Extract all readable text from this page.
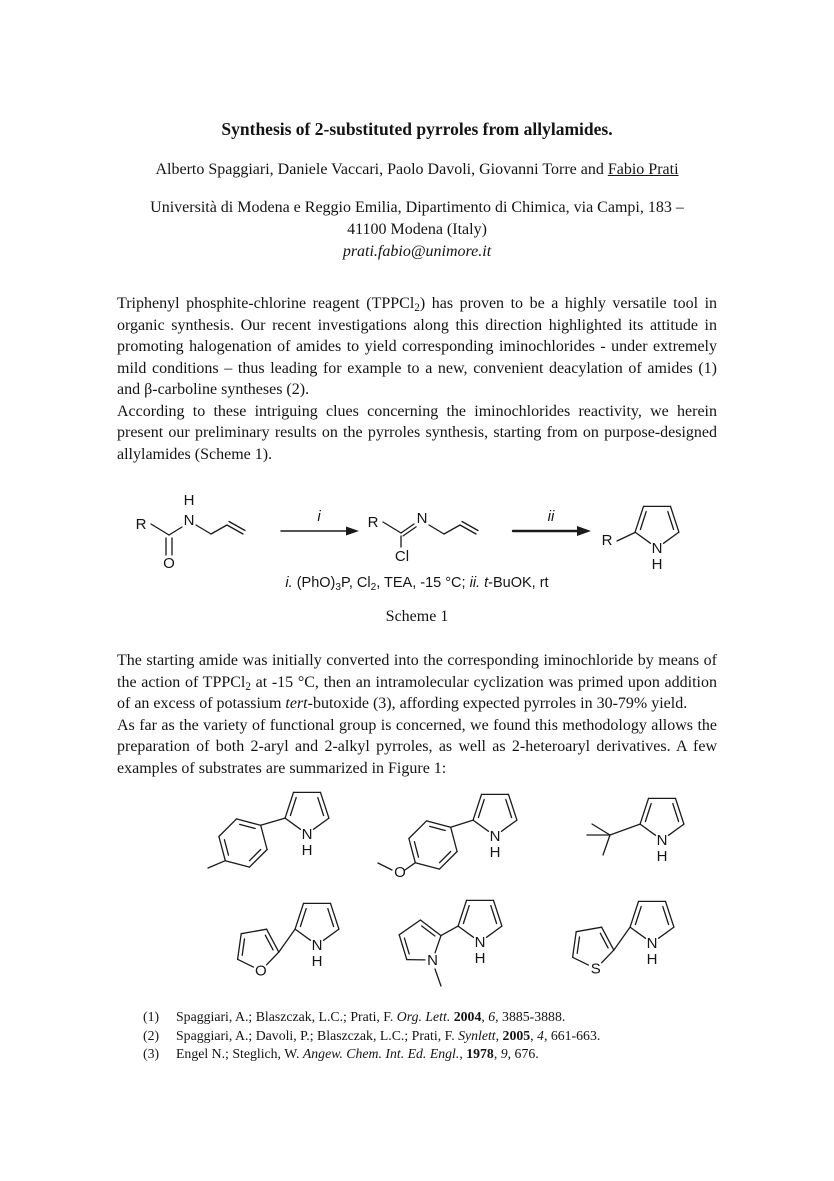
Synthesis of 2-substituted pyrroles from allylamides.
Alberto Spaggiari, Daniele Vaccari, Paolo Davoli, Giovanni Torre and Fabio Prati
Università di Modena e Reggio Emilia, Dipartimento di Chimica, via Campi, 183 –
41100 Modena (Italy)
prati.fabio@unimore.it

Triphenyl phosphite-chlorine reagent (TPPCl$_2$) has proven to be a highly versatile tool in organic synthesis. Our recent investigations along this direction highlighted its attitude in promoting halogenation of amides to yield corresponding iminochlorides - under extremely mild conditions – thus leading for example to a new, convenient deacylation of amides (1) and β-carboline syntheses (2).

According to these intriguing clues concerning the iminochlorides reactivity, we herein present our preliminary results on the pyrroles synthesis, starting from on purpose-designed allylamides (Scheme 1).

R
O
N
H
i	R	N
Cl
ii
N
H
R
i. $(PhO)_3P$, $Cl_2$, TEA, -15 °C; ii. t-BuOK, rt
Scheme 1

The starting amide was initially converted into the corresponding iminochloride by means of the action of TPPCl$_2$ at -15 °C, then an intramolecular cyclization was primed upon addition of an excess of potassium tert-butoxide (3), affording expected pyrroles in 30-79% yield.

As far as the variety of functional group is concerned, we found this methodology allows the preparation of both 2-aryl and 2-alkyl pyrroles, as well as 2-heteroaryl derivatives. A few examples of substrates are summarized in Figure 1:

N
H
O
N
H
N
H
O
N
H	N
N
H
S
N
H
(1)	Spaggiari, A.; Blaszczak, L.C.; Prati, F. Org. Lett. 2004, 6, 3885-3888.
(2)	Spaggiari, A.; Davoli, P.; Blaszczak, L.C.; Prati, F. Synlett, 2005, 4, 661-663.
(3)	Engel N.; Steglich, W. Angew. Chem. Int. Ed. Engl., 1978, 9, 676.
